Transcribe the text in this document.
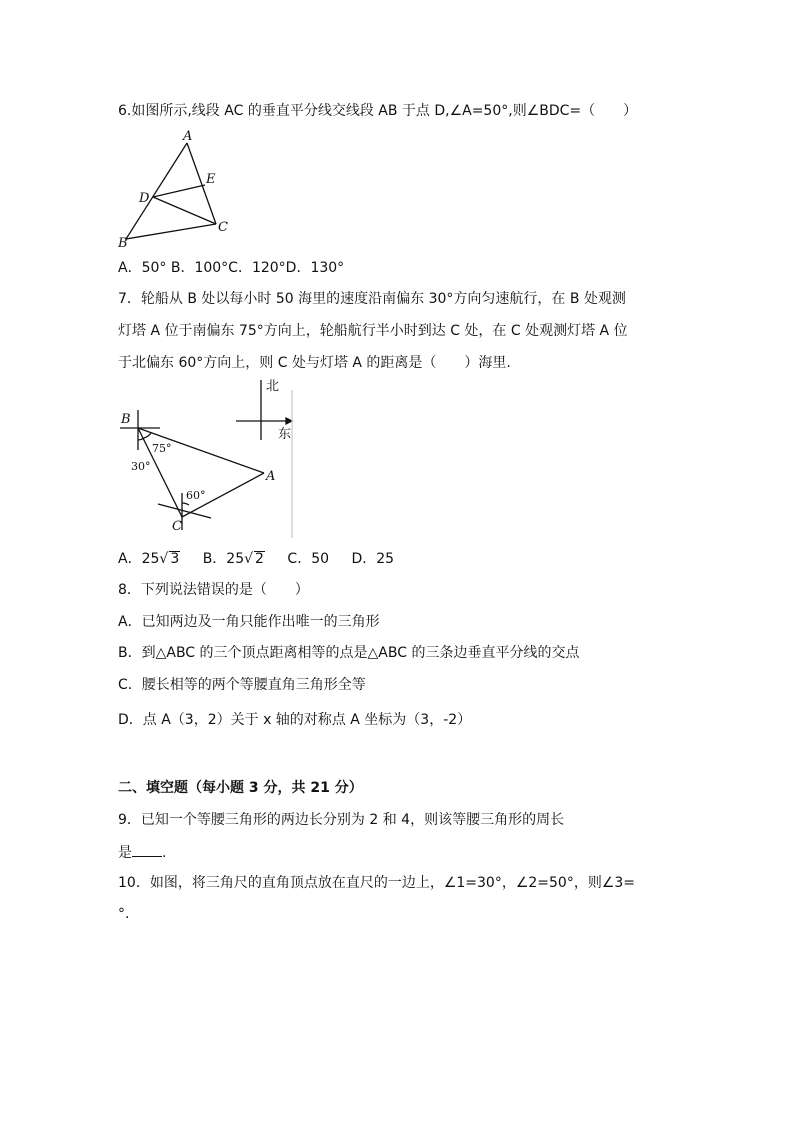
6.如图所示,线段 AC 的垂直平分线交线段 AB 于点 D,∠A=50°,则∠BDC=（　　）
A
E
D
C
B
A．50° B．100°C．120°D．130°
7．轮船从 B 处以每小时 50 海里的速度沿南偏东 30°方向匀速航行，在 B 处观测
灯塔 A 位于南偏东 75°方向上，轮船航行半小时到达 C 处，在 C 处观测灯塔 A 位
于北偏东 60°方向上，则 C 处与灯塔 A 的距离是（　　）海里.
B
75°
30°
60°
A
C
北
东
A．25√ 3 B．25√ 2 C．50 D．25
8．下列说法错误的是（　　）
A．已知两边及一角只能作出唯一的三角形
B．到△ABC 的三个顶点距离相等的点是△ABC 的三条边垂直平分线的交点
C．腰长相等的两个等腰直角三角形全等
D．点 A（3，2）关于 x 轴的对称点 A 坐标为（3，-2）
二、填空题（每小题 3 分，共 21 分）
9．已知一个等腰三角形的两边长分别为 2 和 4，则该等腰三角形的周长
是 .
10．如图，将三角尺的直角顶点放在直尺的一边上，∠1=30°，∠2=50°，则∠3=
°.
